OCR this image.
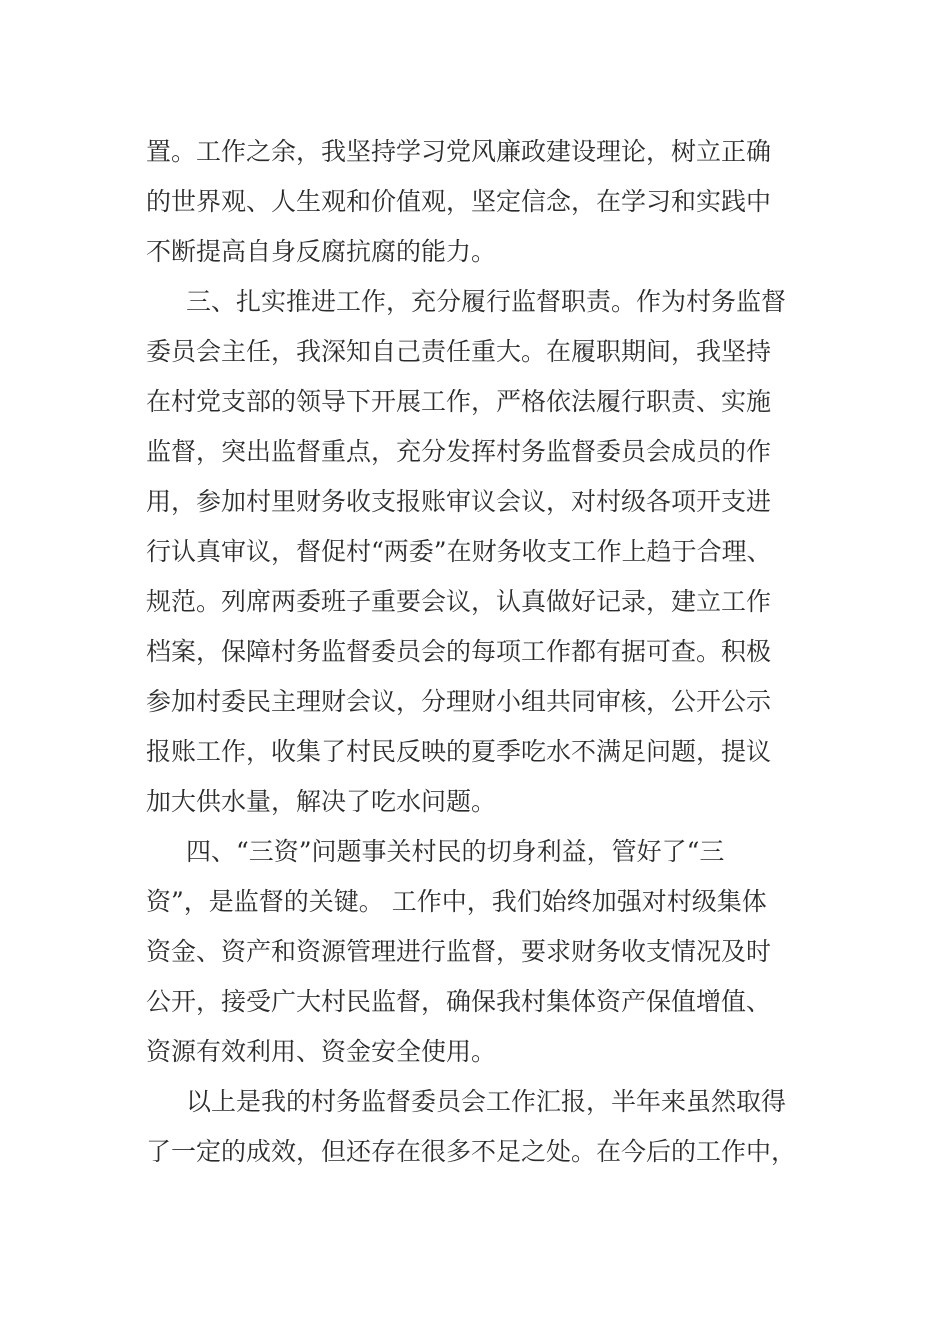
置。工作之余，我坚持学习党风廉政建设理论，树立正确
的世界观、人生观和价值观，坚定信念，在学习和实践中
不断提高自身反腐抗腐的能力。
三、扎实推进工作，充分履行监督职责。作为村务监督
委员会主任，我深知自己责任重大。在履职期间，我坚持
在村党支部的领导下开展工作，严格依法履行职责、实施
监督，突出监督重点，充分发挥村务监督委员会成员的作
用，参加村里财务收支报账审议会议，对村级各项开支进
行认真审议，督促村“两委”在财务收支工作上趋于合理、
规范。列席两委班子重要会议，认真做好记录，建立工作
档案，保障村务监督委员会的每项工作都有据可查。积极
参加村委民主理财会议，分理财小组共同审核，公开公示
报账工作，收集了村民反映的夏季吃水不满足问题，提议
加大供水量，解决了吃水问题。
四、“三资”问题事关村民的切身利益，管好了“三
资”，是监督的关键。 工作中，我们始终加强对村级集体
资金、资产和资源管理进行监督，要求财务收支情况及时
公开，接受广大村民监督，确保我村集体资产保值增值、
资源有效利用、资金安全使用。
以上是我的村务监督委员会工作汇报，半年来虽然取得
了一定的成效，但还存在很多不足之处。在今后的工作中，
